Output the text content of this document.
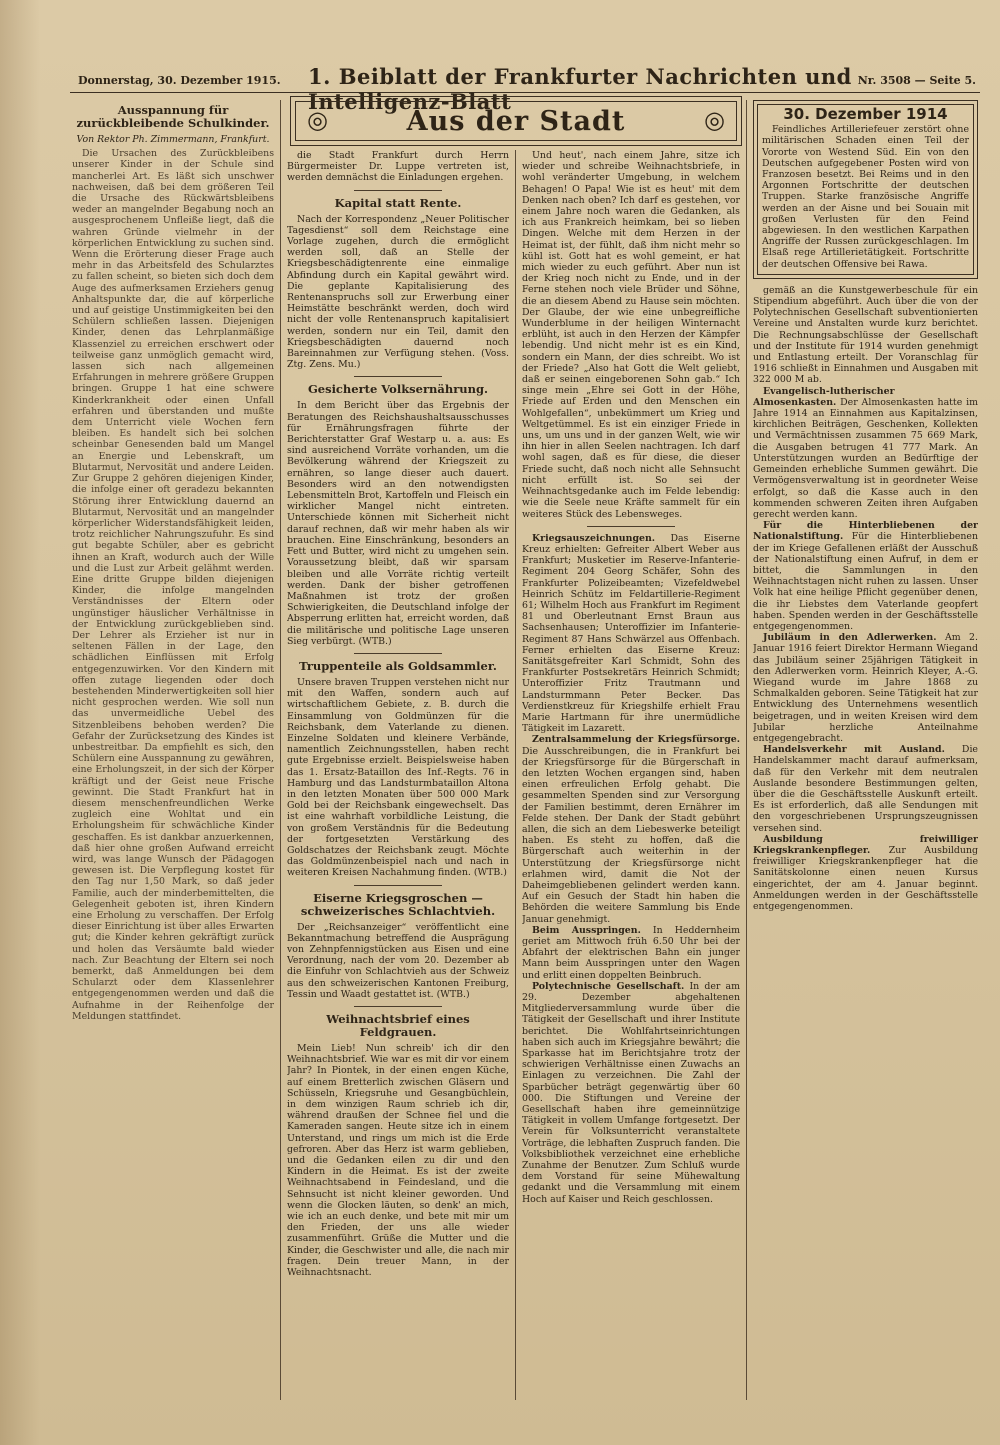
Donnerstag, 30. Dezember 1915. 1. Beiblatt der Frankfurter Nachrichten und Intelligenz-Blatt
Nr. 3508 — Seite 5.
◎	Aus der Stadt	◎
Ausspannung für zurückbleibende Schulkinder.
Von Rektor Ph. Zimmermann, Frankfurt.

Die Ursachen des Zurückbleibens unserer Kinder in der Schule sind mancherlei Art. Es läßt sich unschwer nachweisen, daß bei dem größeren Teil die Ursache des Rückwärtsbleibens weder an mangelnder Begabung noch an ausgesprochenem Unfleiße liegt, daß die wahren Gründe vielmehr in der körperlichen Entwicklung zu suchen sind. Wenn die Erörterung dieser Frage auch mehr in das Arbeitsfeld des Schularztes zu fallen scheint, so bieten sich doch dem Auge des aufmerksamen Erziehers genug Anhaltspunkte dar, die auf körperliche und auf geistige Unstimmigkeiten bei den Schülern schließen lassen. Diejenigen Kinder, denen das Lehrplanmäßige Klassenziel zu erreichen erschwert oder teilweise ganz unmöglich gemacht wird, lassen sich nach allgemeinen Erfahrungen in mehrere größere Gruppen bringen. Gruppe 1 hat eine schwere Kinderkrankheit oder einen Unfall erfahren und überstanden und mußte dem Unterricht viele Wochen fern bleiben. Es handelt sich bei solchen scheinbar Genesenden bald um Mangel an Energie und Lebenskraft, um Blutarmut, Nervosität und andere Leiden. Zur Gruppe 2 gehören diejenigen Kinder, die infolge einer oft geradezu bekannten Störung ihrer Entwicklung dauernd an Blutarmut, Nervosität und an mangelnder körperlicher Widerstandsfähigkeit leiden, trotz reichlicher Nahrungszufuhr. Es sind gut begabte Schüler, aber es gebricht ihnen an Kraft, wodurch auch der Wille und die Lust zur Arbeit gelähmt werden. Eine dritte Gruppe bilden diejenigen Kinder, die infolge mangelnden Verständnisses der Eltern oder ungünstiger häuslicher Verhältnisse in der Entwicklung zurückgeblieben sind. Der Lehrer als Erzieher ist nur in seltenen Fällen in der Lage, den schädlichen Einflüssen mit Erfolg entgegenzuwirken. Vor den Kindern mit offen zutage liegenden oder doch bestehenden Minderwertigkeiten soll hier nicht gesprochen werden. Wie soll nun das unvermeidliche Uebel des Sitzenbleibens behoben werden? Die Gefahr der Zurücksetzung des Kindes ist unbestreitbar. Da empfiehlt es sich, den Schülern eine Ausspannung zu gewähren, eine Erholungszeit, in der sich der Körper kräftigt und der Geist neue Frische gewinnt. Die Stadt Frankfurt hat in diesem menschenfreundlichen Werke zugleich eine Wohltat und ein Erholungsheim für schwächliche Kinder geschaffen. Es ist dankbar anzuerkennen, daß hier ohne großen Aufwand erreicht wird, was lange Wunsch der Pädagogen gewesen ist. Die Verpflegung kostet für den Tag nur 1,50 Mark, so daß jeder Familie, auch der minderbemittelten, die Gelegenheit geboten ist, ihren Kindern eine Erholung zu verschaffen. Der Erfolg dieser Einrichtung ist über alles Erwarten gut; die Kinder kehren gekräftigt zurück und holen das Versäumte bald wieder nach. Zur Beachtung der Eltern sei noch bemerkt, daß Anmeldungen bei dem Schularzt oder dem Klassenlehrer entgegengenommen werden und daß die Aufnahme in der Reihenfolge der Meldungen stattfindet.

die Stadt Frankfurt durch Herrn Bürgermeister Dr. Luppe vertreten ist, werden demnächst die Einladungen ergehen.

Kapital statt Rente.

Nach der Korrespondenz „Neuer Politischer Tagesdienst“ soll dem Reichstage eine Vorlage zugehen, durch die ermöglicht werden soll, daß an Stelle der Kriegsbeschädigtenrente eine einmalige Abfindung durch ein Kapital gewährt wird. Die geplante Kapitalisierung des Rentenanspruchs soll zur Erwerbung einer Heimstätte beschränkt werden, doch wird nicht der volle Rentenanspruch kapitalisiert werden, sondern nur ein Teil, damit den Kriegsbeschädigten dauernd noch Bareinnahmen zur Verfügung stehen. (Voss. Ztg. Zens. Mu.)

Gesicherte Volksernährung.

In dem Bericht über das Ergebnis der Beratungen des Reichshaushaltsausschusses für Ernährungsfragen führte der Berichterstatter Graf Westarp u. a. aus: Es sind ausreichend Vorräte vorhanden, um die Bevölkerung während der Kriegszeit zu ernähren, so lange dieser auch dauert. Besonders wird an den notwendigsten Lebensmitteln Brot, Kartoffeln und Fleisch ein wirklicher Mangel nicht eintreten. Unterschiede können mit Sicherheit nicht darauf rechnen, daß wir mehr haben als wir brauchen. Eine Einschränkung, besonders an Fett und Butter, wird nicht zu umgehen sein. Voraussetzung bleibt, daß wir sparsam bleiben und alle Vorräte richtig verteilt werden. Dank der bisher getroffenen Maßnahmen ist trotz der großen Schwierigkeiten, die Deutschland infolge der Absperrung erlitten hat, erreicht worden, daß die militärische und politische Lage unseren Sieg verbürgt. (WTB.)

Truppenteile als Goldsammler.

Unsere braven Truppen verstehen nicht nur mit den Waffen, sondern auch auf wirtschaftlichem Gebiete, z. B. durch die Einsammlung von Goldmünzen für die Reichsbank, dem Vaterlande zu dienen. Einzelne Soldaten und kleinere Verbände, namentlich Zeichnungsstellen, haben recht gute Ergebnisse erzielt. Beispielsweise haben das 1. Ersatz-Bataillon des Inf.-Regts. 76 in Hamburg und das Landsturmbataillon Altona in den letzten Monaten über 500 000 Mark Gold bei der Reichsbank eingewechselt. Das ist eine wahrhaft vorbildliche Leistung, die von großem Verständnis für die Bedeutung der fortgesetzten Verstärkung des Goldschatzes der Reichsbank zeugt. Möchte das Goldmünzenbeispiel nach und nach in weiteren Kreisen Nachahmung finden. (WTB.)

Eiserne Kriegsgroschen — schweizerisches Schlachtvieh.

Der „Reichsanzeiger“ veröffentlicht eine Bekanntmachung betreffend die Ausprägung von Zehnpfennigstücken aus Eisen und eine Verordnung, nach der vom 20. Dezember ab die Einfuhr von Schlachtvieh aus der Schweiz aus den schweizerischen Kantonen Freiburg, Tessin und Waadt gestattet ist. (WTB.)

Weihnachtsbrief eines Feldgrauen.

Mein Lieb! Nun schreib' ich dir den Weihnachtsbrief. Wie war es mit dir vor einem Jahr? In Piontek, in der einen engen Küche, auf einem Bretterlich zwischen Gläsern und Schüsseln, Kriegsruhe und Gesangbüchlein, in dem winzigen Raum schrieb ich dir, während draußen der Schnee fiel und die Kameraden sangen. Heute sitze ich in einem Unterstand, und rings um mich ist die Erde gefroren. Aber das Herz ist warm geblieben, und die Gedanken eilen zu dir und den Kindern in die Heimat. Es ist der zweite Weihnachtsabend in Feindesland, und die Sehnsucht ist nicht kleiner geworden. Und wenn die Glocken läuten, so denk' an mich, wie ich an euch denke, und bete mit mir um den Frieden, der uns alle wieder zusammenführt. Grüße die Mutter und die Kinder, die Geschwister und alle, die nach mir fragen. Dein treuer Mann, in der Weihnachtsnacht.

Und heut', nach einem Jahre, sitze ich wieder und schreibe Weihnachtsbriefe, in wohl veränderter Umgebung, in welchem Behagen! O Papa! Wie ist es heut' mit dem Denken nach oben? Ich darf es gestehen, vor einem Jahre noch waren die Gedanken, als ich aus Frankreich heimkam, bei so lieben Dingen. Welche mit dem Herzen in der Heimat ist, der fühlt, daß ihm nicht mehr so kühl ist. Gott hat es wohl gemeint, er hat mich wieder zu euch geführt. Aber nun ist der Krieg noch nicht zu Ende, und in der Ferne stehen noch viele Brüder und Söhne, die an diesem Abend zu Hause sein möchten. Der Glaube, der wie eine unbegreifliche Wunderblume in der heiligen Winternacht erblüht, ist auch in den Herzen der Kämpfer lebendig. Und nicht mehr ist es ein Kind, sondern ein Mann, der dies schreibt. Wo ist der Friede? „Also hat Gott die Welt geliebt, daß er seinen eingeborenen Sohn gab.“ Ich singe mein „Ehre sei Gott in der Höhe, Friede auf Erden und den Menschen ein Wohlgefallen“, unbekümmert um Krieg und Weltgetümmel. Es ist ein einziger Friede in uns, um uns und in der ganzen Welt, wie wir ihn hier in allen Seelen nachtragen. Ich darf wohl sagen, daß es für diese, die dieser Friede sucht, daß noch nicht alle Sehnsucht nicht erfüllt ist. So sei der Weihnachtsgedanke auch im Felde lebendig: wie die Seele neue Kräfte sammelt für ein weiteres Stück des Lebensweges.

Kriegsauszeichnungen. Das Eiserne Kreuz erhielten: Gefreiter Albert Weber aus Frankfurt; Musketier im Reserve-Infanterie-Regiment 204 Georg Schäfer, Sohn des Frankfurter Polizeibeamten; Vizefeldwebel Heinrich Schütz im Feldartillerie-Regiment 61; Wilhelm Hoch aus Frankfurt im Regiment 81 und Oberleutnant Ernst Braun aus Sachsenhausen; Unteroffizier im Infanterie-Regiment 87 Hans Schwärzel aus Offenbach. Ferner erhielten das Eiserne Kreuz: Sanitätsgefreiter Karl Schmidt, Sohn des Frankfurter Postsekretärs Heinrich Schmidt; Unteroffizier Fritz Trautmann und Landsturmmann Peter Becker. Das Verdienstkreuz für Kriegshilfe erhielt Frau Marie Hartmann für ihre unermüdliche Tätigkeit im Lazarett.

Zentralsammelung der Kriegsfürsorge. Die Ausschreibungen, die in Frankfurt bei der Kriegsfürsorge für die Bürgerschaft in den letzten Wochen ergangen sind, haben einen erfreulichen Erfolg gehabt. Die gesammelten Spenden sind zur Versorgung der Familien bestimmt, deren Ernährer im Felde stehen. Der Dank der Stadt gebührt allen, die sich an dem Liebeswerke beteiligt haben. Es steht zu hoffen, daß die Bürgerschaft auch weiterhin in der Unterstützung der Kriegsfürsorge nicht erlahmen wird, damit die Not der Daheimgebliebenen gelindert werden kann. Auf ein Gesuch der Stadt hin haben die Behörden die weitere Sammlung bis Ende Januar genehmigt.

Beim Ausspringen. In Heddernheim geriet am Mittwoch früh 6.50 Uhr bei der Abfahrt der elektrischen Bahn ein junger Mann beim Ausspringen unter den Wagen und erlitt einen doppelten Beinbruch.

Polytechnische Gesellschaft. In der am 29. Dezember abgehaltenen Mitgliederversammlung wurde über die Tätigkeit der Gesellschaft und ihrer Institute berichtet. Die Wohlfahrtseinrichtungen haben sich auch im Kriegsjahre bewährt; die Sparkasse hat im Berichtsjahre trotz der schwierigen Verhältnisse einen Zuwachs an Einlagen zu verzeichnen. Die Zahl der Sparbücher beträgt gegenwärtig über 60 000. Die Stiftungen und Vereine der Gesellschaft haben ihre gemeinnützige Tätigkeit in vollem Umfange fortgesetzt. Der Verein für Volksunterricht veranstaltete Vorträge, die lebhaften Zuspruch fanden. Die Volksbibliothek verzeichnet eine erhebliche Zunahme der Benutzer. Zum Schluß wurde dem Vorstand für seine Mühewaltung gedankt und die Versammlung mit einem Hoch auf Kaiser und Reich geschlossen.

30. Dezember 1914

Feindliches Artilleriefeuer zerstört ohne militärischen Schaden einen Teil der Vororte von Westend Süd. Ein von den Deutschen aufgegebener Posten wird von Franzosen besetzt. Bei Reims und in den Argonnen Fortschritte der deutschen Truppen. Starke französische Angriffe werden an der Aisne und bei Souain mit großen Verlusten für den Feind abgewiesen. In den westlichen Karpathen Angriffe der Russen zurückgeschlagen. Im Elsaß rege Artillerietätigkeit. Fortschritte der deutschen Offensive bei Rawa.

gemäß an die Kunstgewerbeschule für ein Stipendium abgeführt. Auch über die von der Polytechnischen Gesellschaft subventionierten Vereine und Anstalten wurde kurz berichtet. Die Rechnungsabschlüsse der Gesellschaft und der Institute für 1914 wurden genehmigt und Entlastung erteilt. Der Voranschlag für 1916 schließt in Einnahmen und Ausgaben mit 322 000 M ab.

Evangelisch-lutherischer Almosenkasten. Der Almosenkasten hatte im Jahre 1914 an Einnahmen aus Kapitalzinsen, kirchlichen Beiträgen, Geschenken, Kollekten und Vermächtnissen zusammen 75 669 Mark, die Ausgaben betrugen 41 777 Mark. An Unterstützungen wurden an Bedürftige der Gemeinden erhebliche Summen gewährt. Die Vermögensverwaltung ist in geordneter Weise erfolgt, so daß die Kasse auch in den kommenden schweren Zeiten ihren Aufgaben gerecht werden kann.

Für die Hinterbliebenen der Nationalstiftung. Für die Hinterbliebenen der im Kriege Gefallenen erläßt der Ausschuß der Nationalstiftung einen Aufruf, in dem er bittet, die Sammlungen in den Weihnachtstagen nicht ruhen zu lassen. Unser Volk hat eine heilige Pflicht gegenüber denen, die ihr Liebstes dem Vaterlande geopfert haben. Spenden werden in der Geschäftsstelle entgegengenommen.

Jubiläum in den Adlerwerken. Am 2. Januar 1916 feiert Direktor Hermann Wiegand das Jubiläum seiner 25jährigen Tätigkeit in den Adlerwerken vorm. Heinrich Kleyer, A.-G. Wiegand wurde im Jahre 1868 zu Schmalkalden geboren. Seine Tätigkeit hat zur Entwicklung des Unternehmens wesentlich beigetragen, und in weiten Kreisen wird dem Jubilar herzliche Anteilnahme entgegengebracht.

Handelsverkehr mit Ausland. Die Handelskammer macht darauf aufmerksam, daß für den Verkehr mit dem neutralen Auslande besondere Bestimmungen gelten, über die die Geschäftsstelle Auskunft erteilt. Es ist erforderlich, daß alle Sendungen mit den vorgeschriebenen Ursprungszeugnissen versehen sind.

Ausbildung freiwilliger Kriegskrankenpfleger. Zur Ausbildung freiwilliger Kriegskrankenpfleger hat die Sanitätskolonne einen neuen Kursus eingerichtet, der am 4. Januar beginnt. Anmeldungen werden in der Geschäftsstelle entgegengenommen.
